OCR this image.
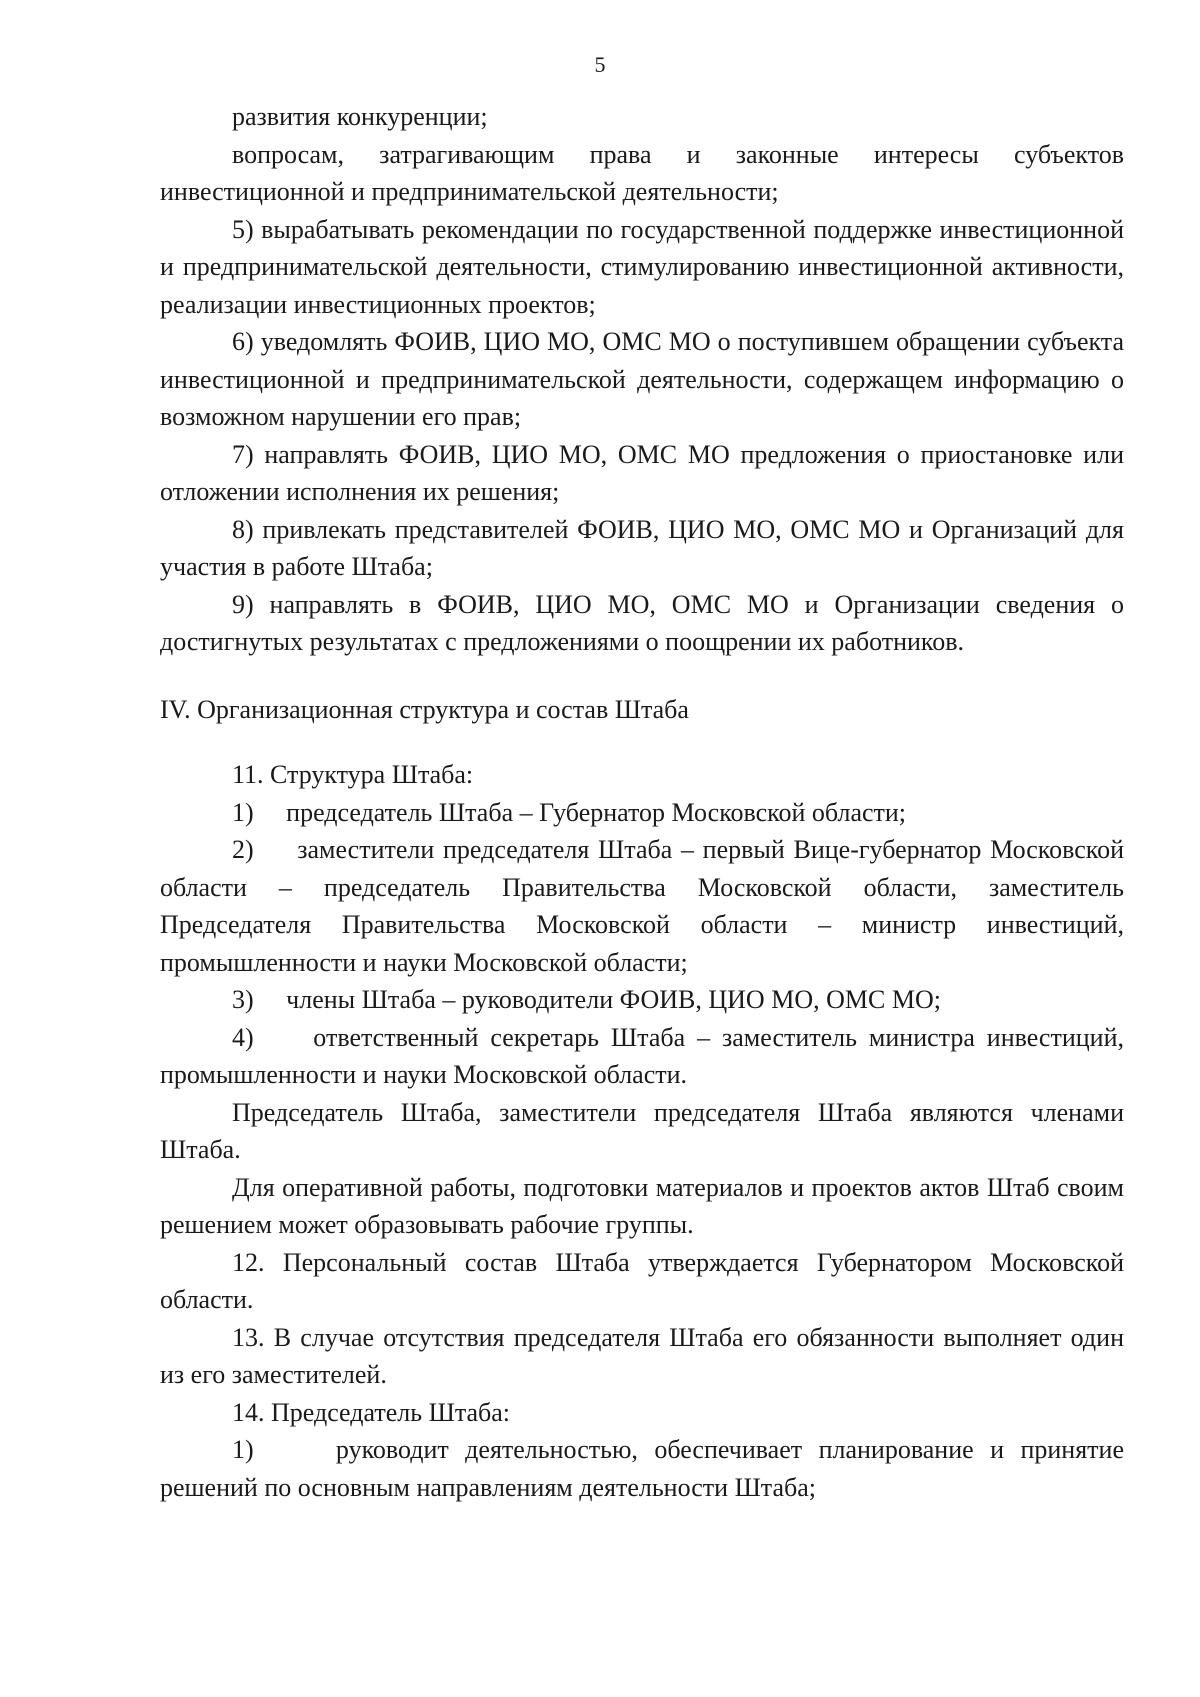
5

развития конкуренции;

вопросам, затрагивающим права и законные интересы субъектов инвестиционной и предпринимательской деятельности;

5) вырабатывать рекомендации по государственной поддержке инвестиционной и предпринимательской деятельности, стимулированию инвестиционной активности, реализации инвестиционных проектов;

6) уведомлять ФОИВ, ЦИО МО, ОМС МО о поступившем обращении субъекта инвестиционной и предпринимательской деятельности, содержащем информацию о возможном нарушении его прав;

7) направлять ФОИВ, ЦИО МО, ОМС МО предложения о приостановке или отложении исполнения их решения;

8) привлекать представителей ФОИВ, ЦИО МО, ОМС МО и Организаций для участия в работе Штаба;

9) направлять в ФОИВ, ЦИО МО, ОМС МО и Организации сведения о достигнутых результатах с предложениями о поощрении их работников.

IV. Организационная структура и состав Штаба

11. Структура Штаба:

1) председатель Штаба – Губернатор Московской области;

2) заместители председателя Штаба – первый Вице-губернатор Московской области – председатель Правительства Московской области, заместитель Председателя Правительства Московской области – министр инвестиций, промышленности и науки Московской области;

3) члены Штаба – руководители ФОИВ, ЦИО МО, ОМС МО;

4) ответственный секретарь Штаба – заместитель министра инвестиций, промышленности и науки Московской области.

Председатель Штаба, заместители председателя Штаба являются членами Штаба.

Для оперативной работы, подготовки материалов и проектов актов Штаб своим решением может образовывать рабочие группы.

12. Персональный состав Штаба утверждается Губернатором Московской области.

13. В случае отсутствия председателя Штаба его обязанности выполняет один из его заместителей.

14. Председатель Штаба:

1)	руководит деятельностью, обеспечивает планирование и принятие решений по основным направлениям деятельности Штаба;
